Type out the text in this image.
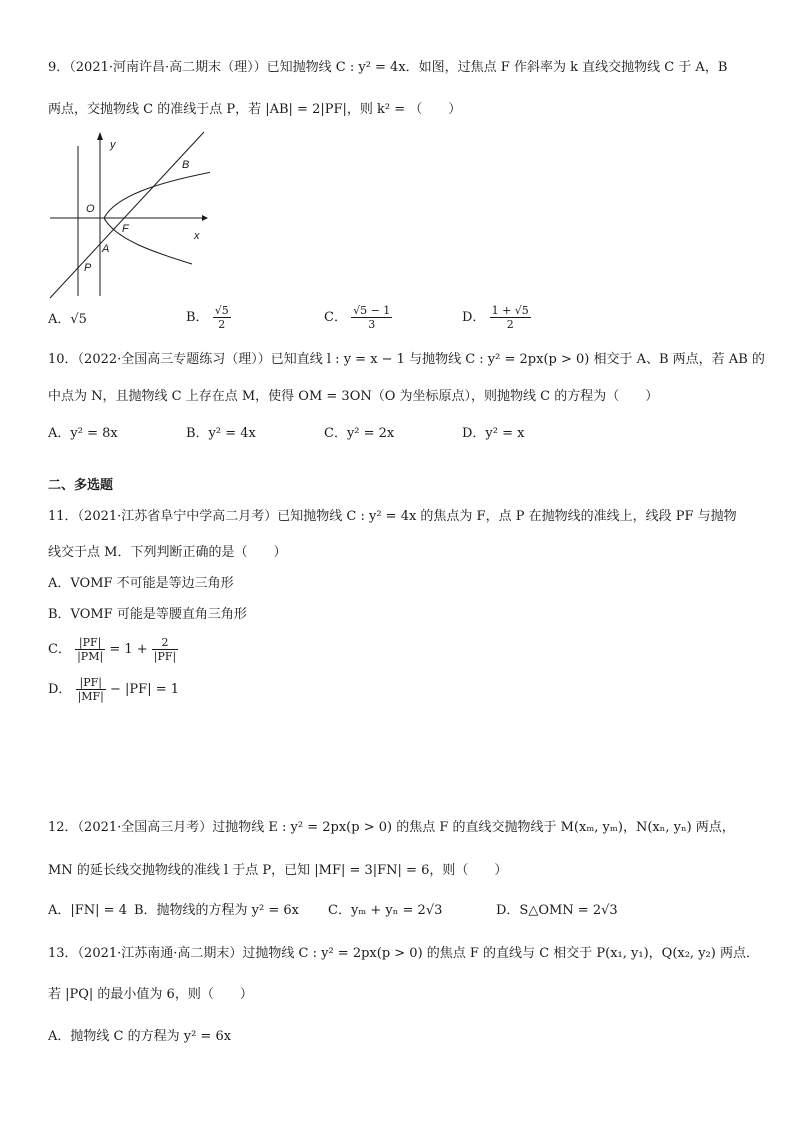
9．（2021·河南许昌·高二期末（理））已知抛物线 C : y² = 4x．如图，过焦点 F 作斜率为 k 直线交抛物线 C 于 A，B
两点，交抛物线 C 的准线于点 P，若 |AB| = 2|PF|，则 k² = （　　）
y
x
O
F
A
B
P
A．√5	B． $\frac{√5}{2}$	C． $\frac{√5 - 1}{3}$	D． $\frac{1 + √5}{2}$
10．（2022·全国高三专题练习（理））已知直线 l : y = x − 1 与抛物线 C : y² = 2px(p > 0) 相交于 A、B 两点，若 AB 的
中点为 N，且抛物线 C 上存在点 M，使得 OM = 3ON（O 为坐标原点），则抛物线 C 的方程为（　　）
A．y² = 8x	B．y² = 4x	C．y² = 2x	D．y² = x
二、多选题
11．（2021·江苏省阜宁中学高二月考）已知抛物线 C : y² = 4x 的焦点为 F，点 P 在抛物线的准线上，线段 PF 与抛物
线交于点 M．下列判断正确的是（　　）
A．VOMF 不可能是等边三角形
B．VOMF 可能是等腰直角三角形
C． $\frac{|PF|}{|PM|} = 1 + \frac{2}{|PF|}$
D． $\frac{|PF|}{|MF|} - |PF| = 1$
12．（2021·全国高三月考）过抛物线 E : y² = 2px(p > 0) 的焦点 F 的直线交抛物线于 M(xₘ, yₘ)，N(xₙ, yₙ) 两点，
MN 的延长线交抛物线的准线 l 于点 P，已知 |MF| = 3|FN| = 6，则（　　）
A．|FN| = 4 B．抛物线的方程为 y² = 6x C．yₘ + yₙ = 2√3	D．S△OMN = 2√3
13．（2021·江苏南通·高二期末）过抛物线 C : y² = 2px(p > 0) 的焦点 F 的直线与 C 相交于 P(x₁, y₁)，Q(x₂, y₂) 两点．
若 |PQ| 的最小值为 6，则（　　）
A．抛物线 C 的方程为 y² = 6x
